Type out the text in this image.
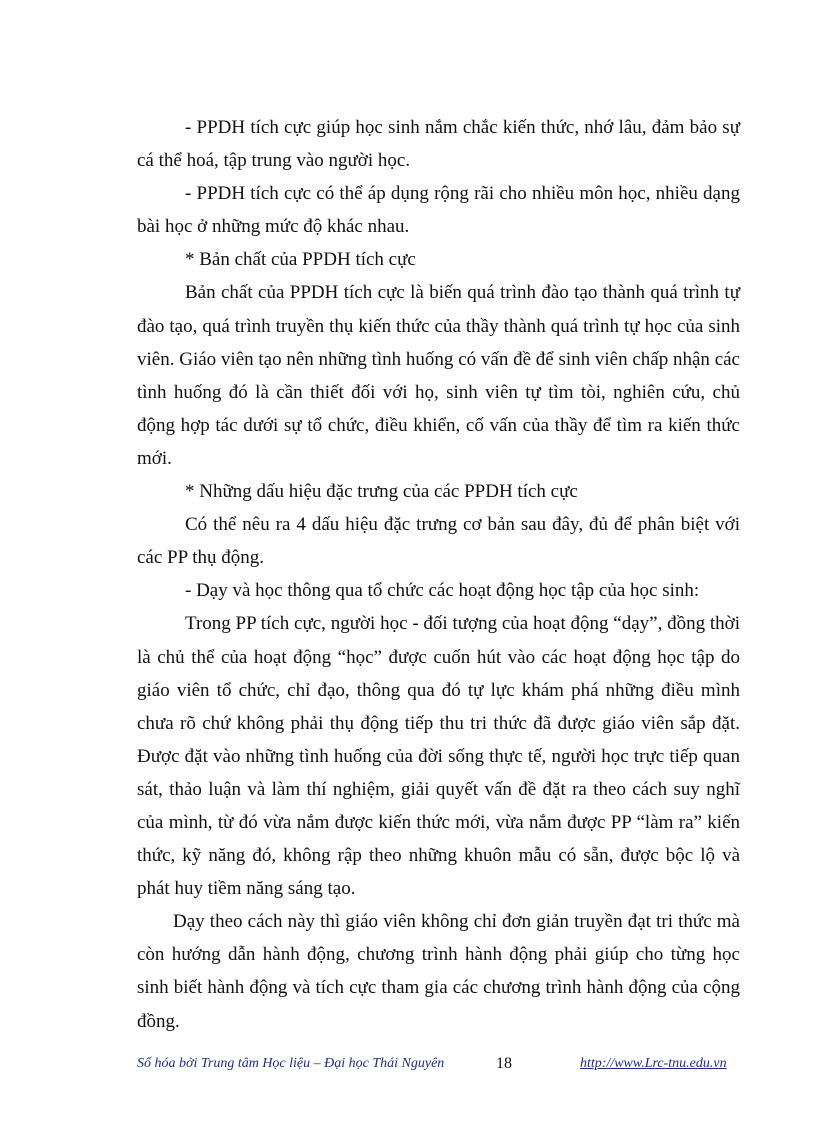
- PPDH tích cực giúp học sinh nắm chắc kiến thức, nhớ lâu, đảm bảo sự cá thể hoá, tập trung vào người học.

- PPDH tích cực có thể áp dụng rộng rãi cho nhiều môn học, nhiều dạng bài học ở những mức độ khác nhau.

* Bản chất của PPDH tích cực

Bản chất của PPDH tích cực là biến quá trình đào tạo thành quá trình tự đào tạo, quá trình truyền thụ kiến thức của thầy thành quá trình tự học của sinh viên. Giáo viên tạo nên những tình huống có vấn đề để sinh viên chấp nhận các tình huống đó là cần thiết đối với họ, sinh viên tự tìm tòi, nghiên cứu, chủ động hợp tác dưới sự tổ chức, điều khiển, cố vấn của thầy để tìm ra kiến thức mới.

* Những dấu hiệu đặc trưng của các PPDH tích cực

Có thể nêu ra 4 dấu hiệu đặc trưng cơ bản sau đây, đủ để phân biệt với các PP thụ động.

- Dạy và học thông qua tổ chức các hoạt động học tập của học sinh:

Trong PP tích cực, người học - đối tượng của hoạt động “dạy”, đồng thời là chủ thể của hoạt động “học” được cuốn hút vào các hoạt động học tập do giáo viên tổ chức, chỉ đạo, thông qua đó tự lực khám phá những điều mình chưa rõ chứ không phải thụ động tiếp thu tri thức đã được giáo viên sắp đặt. Được đặt vào những tình huống của đời sống thực tế, người học trực tiếp quan sát, thảo luận và làm thí nghiệm, giải quyết vấn đề đặt ra theo cách suy nghĩ của mình, từ đó vừa nắm được kiến thức mới, vừa nắm được PP “làm ra” kiến thức, kỹ năng đó, không rập theo những khuôn mẫu có sẵn, được bộc lộ và phát huy tiềm năng sáng tạo.

Dạy theo cách này thì giáo viên không chỉ đơn giản truyền đạt tri thức mà còn hướng dẫn hành động, chương trình hành động phải giúp cho từng học sinh biết hành động và tích cực tham gia các chương trình hành động của cộng đồng.

Số hóa bởi Trung tâm Học liệu – Đại học Thái Nguyên	18	http://www.Lrc-tnu.edu.vn
